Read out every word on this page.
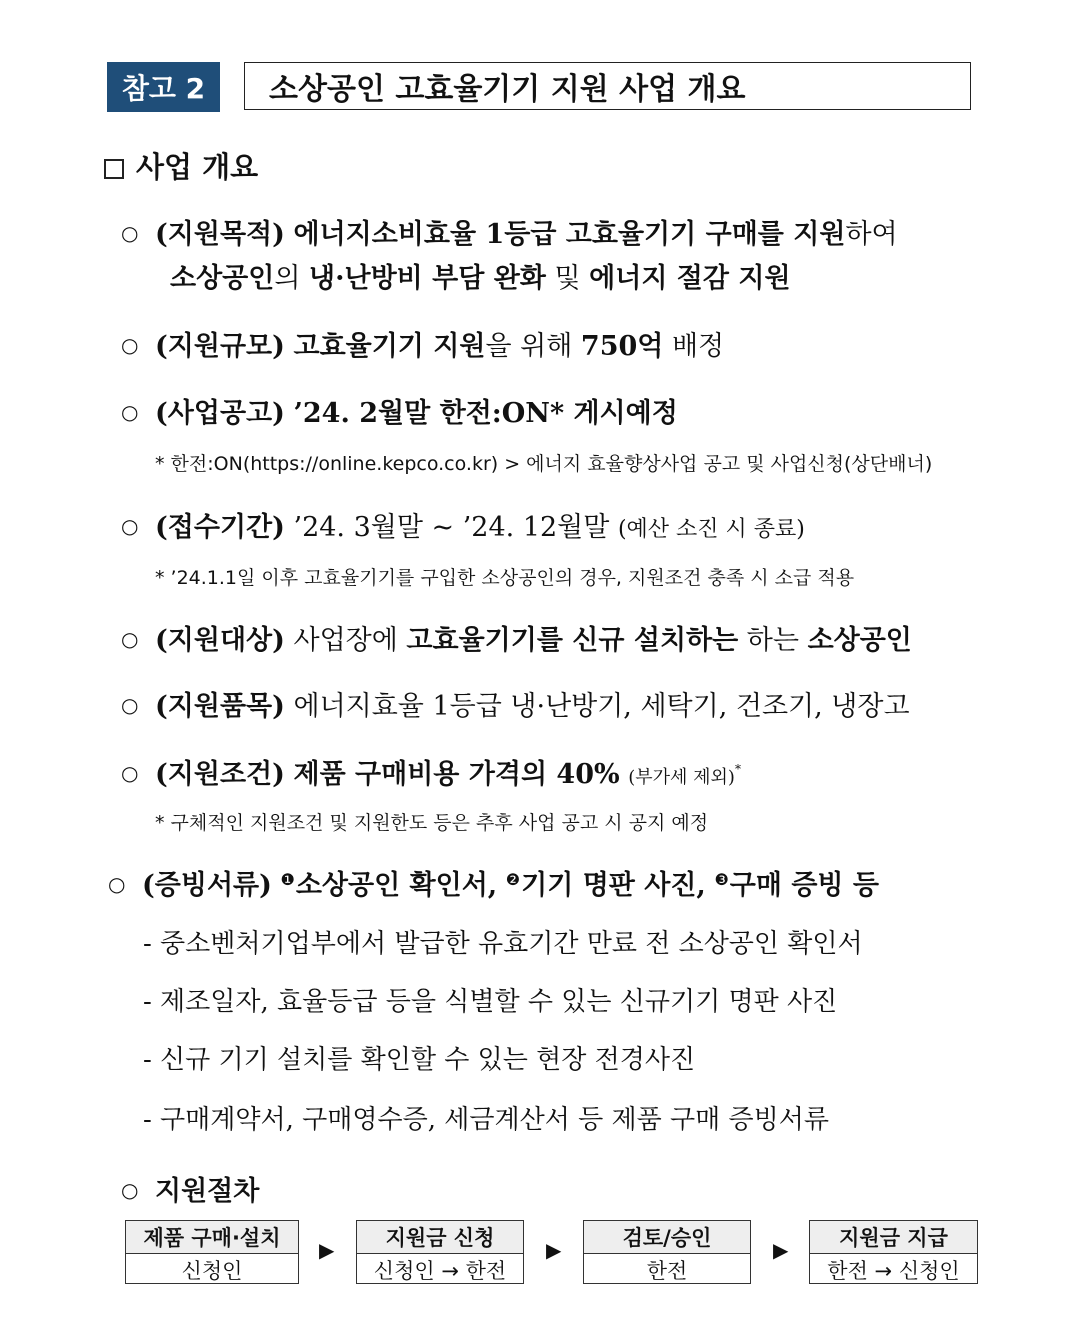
참고 2	소상공인 고효율기기 지원 사업 개요
사업 개요
○ (지원목적) 에너지소비효율 1등급 고효율기기 구매를 지원하여
소상공인의 냉·난방비 부담 완화 및 에너지 절감 지원
○ (지원규모) 고효율기기 지원을 위해 750억 배정
○ (사업공고) ’24. 2월말 한전:ON* 게시예정
* 한전:ON(https://online.kepco.co.kr) > 에너지 효율향상사업 공고 및 사업신청(상단배너)
○ (접수기간) ’24. 3월말 ~ ’24. 12월말 (예산 소진 시 종료)
* ’24.1.1일 이후 고효율기기를 구입한 소상공인의 경우, 지원조건 충족 시 소급 적용
○ (지원대상) 사업장에 고효율기기를 신규 설치하는 하는 소상공인
○ (지원품목) 에너지효율 1등급 냉·난방기, 세탁기, 건조기, 냉장고
○ (지원조건) 제품 구매비용 가격의 40% (부가세 제외)*
* 구체적인 지원조건 및 지원한도 등은 추후 사업 공고 시 공지 예정
○ (증빙서류) $^❶$소상공인 확인서, $^❷$기기 명판 사진, $^❸$구매 증빙 등
- 중소벤처기업부에서 발급한 유효기간 만료 전 소상공인 확인서
- 제조일자, 효율등급 등을 식별할 수 있는 신규기기 명판 사진
- 신규 기기 설치를 확인할 수 있는 현장 전경사진
- 구매계약서, 구매영수증, 세금계산서 등 제품 구매 증빙서류
○ 지원절차
제품 구매·설치
신청인
▶	지원금 신청
신청인 → 한전
▶	검토/승인
한전
▶	지원금 지급
한전 → 신청인
